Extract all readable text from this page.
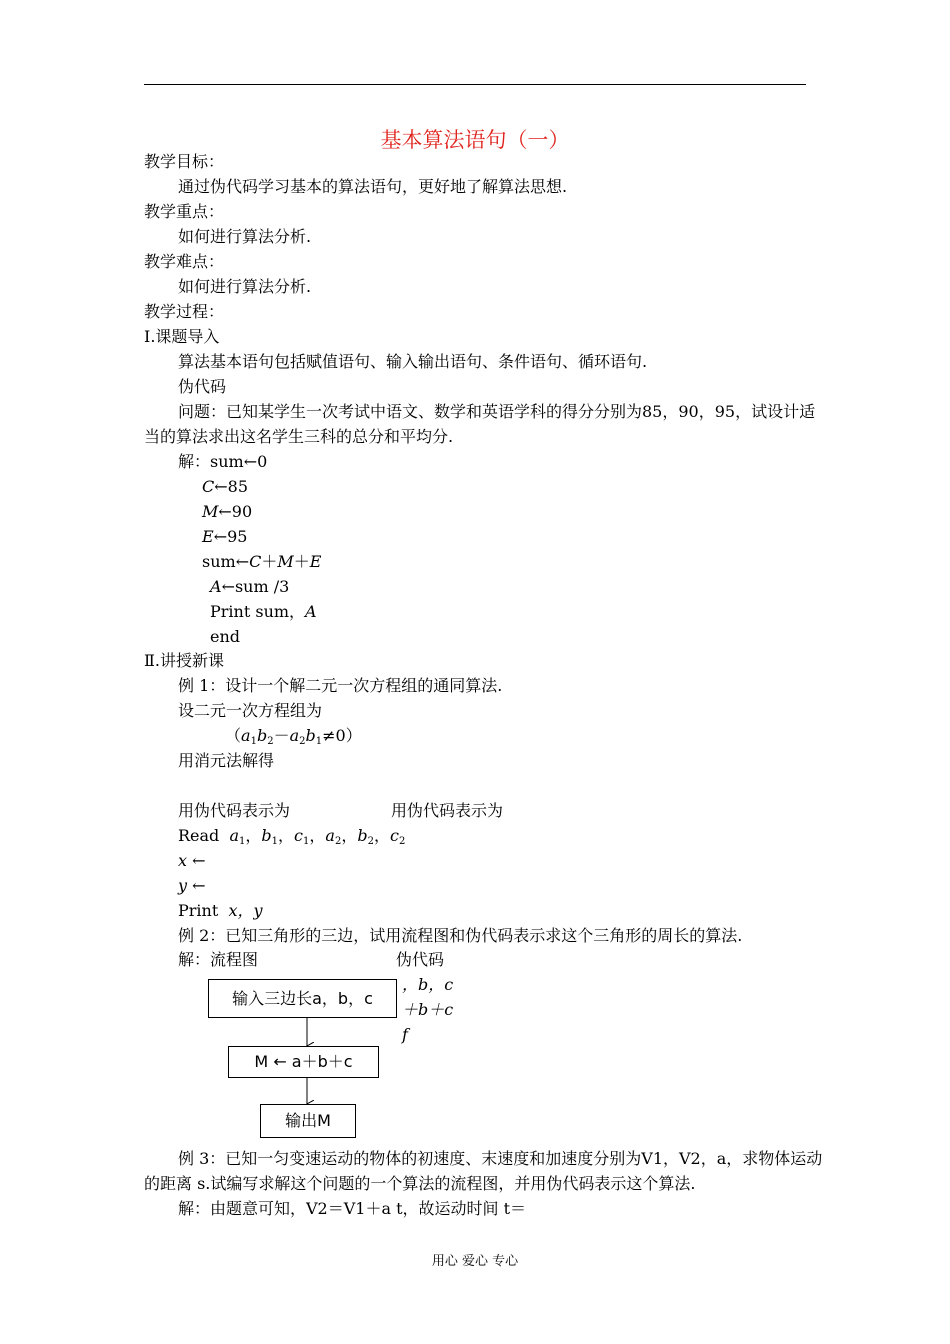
基本算法语句（一）
教学目标：
通过伪代码学习基本的算法语句，更好地了解算法思想.
教学重点：
如何进行算法分析.
教学难点：
如何进行算法分析.
教学过程：
Ⅰ.课题导入
算法基本语句包括赋值语句、输入输出语句、条件语句、循环语句.
伪代码
问题：已知某学生一次考试中语文、数学和英语学科的得分分别为85，90，95，试设计适
当的算法求出这名学生三科的总分和平均分.
解：sum←0
C←85
M←90
E←95
sum←C＋M＋E
A←sum /3
Print sum，A
end
Ⅱ.讲授新课
例 1：设计一个解二元一次方程组的通同算法.
设二元一次方程组为
$(a_1b_2-a_2b_1\ne 0)$
用消元法解得
用伪代码表示为	用伪代码表示为
Read $a_1$，$b_1$，$c_1$，$a_2$，$b_2$，$c_2$
x ←
y ←
Print x，y
例 2：已知三角形的三边，试用流程图和伪代码表示求这个三角形的周长的算法.
解：流程图	伪代码
输入三边长a，b，c
M ← a＋b＋c
输出M
，b，c
＋b＋c
f
例 3：已知一匀变速运动的物体的初速度、末速度和加速度分别为V1，V2，a，求物体运动
的距离 s.试编写求解这个问题的一个算法的流程图，并用伪代码表示这个算法.
解：由题意可知，V2＝V1＋a t，故运动时间 t＝
用心 爱心 专心
